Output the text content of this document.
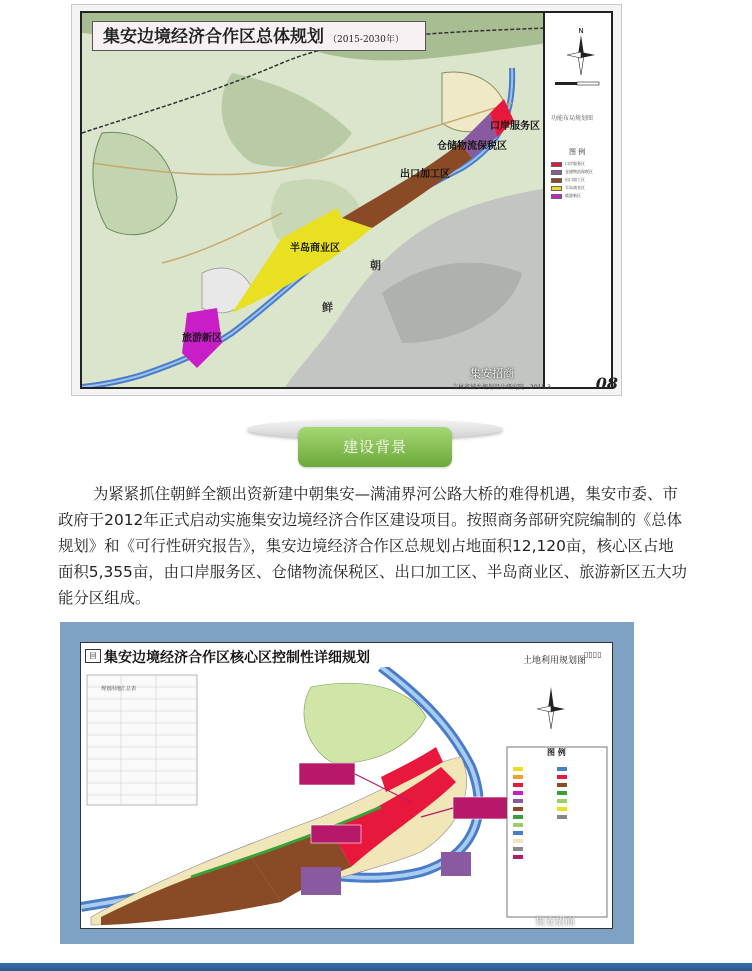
集安边境经济合作区总体规划 （2015-2030年）
口岸服务区
仓储物流保税区
出口加工区
半岛商业区
旅游新区
朝
鲜
集安招商
N
功能布局规划图
图 例
口岸服务区
仓储物流保税区
出口加工区
半岛商业区
旅游新区
吉林省城乡规划设计研究院　2015.3	08
建设背景
为紧紧抓住朝鲜全额出资新建中朝集安—满浦界河公路大桥的难得机遇，集安市委、市
政府于2012年正式启动实施集安边境经济合作区建设项目。按照商务部研究院编制的《总体
规划》和《可行性研究报告》，集安边境经济合作区总规划占地面积12,120亩，核心区占地
面积5,355亩，由口岸服务区、仓储物流保税区、出口加工区、半岛商业区、旅游新区五大功
能分区组成。
回 集安边境经济合作区核心区控制性详细规划	土地利用规划图
▯▯▯▯
规划用地汇总表
图 例
集安招商
